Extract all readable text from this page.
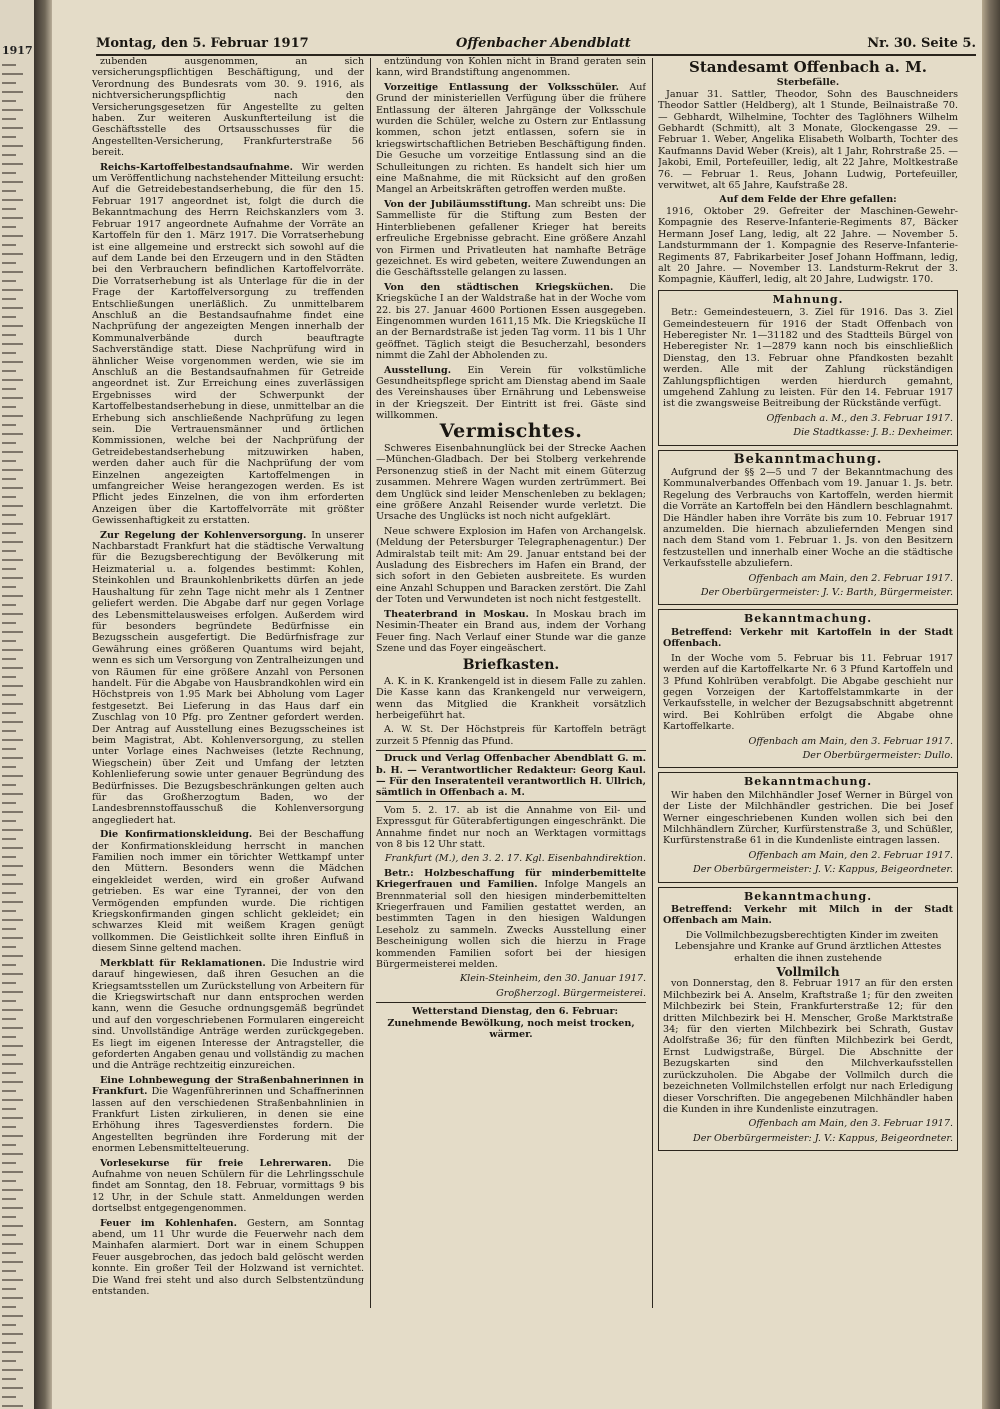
1917	Montag, den 5. Februar 1917	Offenbacher Abendblatt	Nr. 30. Seite 5.

zubenden ausgenommen, an sich versicherungspflichtigen Beschäftigung, und der Verordnung des Bundesrats vom 30. 9. 1916, als nichtversicherungspflichtig nach den Versicherungsgesetzen für Angestellte zu gelten haben. Zur weiteren Auskunfterteilung ist die Geschäftsstelle des Ortsausschusses für die Angestellten-Versicherung, Frankfurterstraße 56 bereit.

Reichs-Kartoffelbestandsaufnahme. Wir werden um Veröffentlichung nachstehender Mitteilung ersucht: Auf die Getreidebestandserhebung, die für den 15. Februar 1917 angeordnet ist, folgt die durch die Bekanntmachung des Herrn Reichskanzlers vom 3. Februar 1917 angeordnete Aufnahme der Vorräte an Kartoffeln für den 1. März 1917. Die Vorratserhebung ist eine allgemeine und erstreckt sich sowohl auf die auf dem Lande bei den Erzeugern und in den Städten bei den Verbrauchern befindlichen Kartoffelvorräte. Die Vorratserhebung ist als Unterlage für die in der Frage der Kartoffelversorgung zu treffenden Entschließungen unerläßlich. Zu unmittelbarem Anschluß an die Bestandsaufnahme findet eine Nachprüfung der angezeigten Mengen innerhalb der Kommunalverbände durch beauftragte Sachverständige statt. Diese Nachprüfung wird in ähnlicher Weise vorgenommen werden, wie sie im Anschluß an die Bestandsaufnahmen für Getreide angeordnet ist. Zur Erreichung eines zuverlässigen Ergebnisses wird der Schwerpunkt der Kartoffelbestandserhebung in diese, unmittelbar an die Erhebung sich anschließende Nachprüfung zu legen sein. Die Vertrauensmänner und örtlichen Kommissionen, welche bei der Nachprüfung der Getreidebestandserhebung mitzuwirken haben, werden daher auch für die Nachprüfung der vom Einzelnen angezeigten Kartoffelmengen in umfangreicher Weise herangezogen werden. Es ist Pflicht jedes Einzelnen, die von ihm erforderten Anzeigen über die Kartoffelvorräte mit größter Gewissenhaftigkeit zu erstatten.

Zur Regelung der Kohlenversorgung. In unserer Nachbarstadt Frankfurt hat die städtische Verwaltung für die Bezugsberechtigung der Bevölkerung mit Heizmaterial u. a. folgendes bestimmt: Kohlen, Steinkohlen und Braunkohlenbriketts dürfen an jede Haushaltung für zehn Tage nicht mehr als 1 Zentner geliefert werden. Die Abgabe darf nur gegen Vorlage des Lebensmittelausweises erfolgen. Außerdem wird für besonders begründete Bedürfnisse ein Bezugsschein ausgefertigt. Die Bedürfnisfrage zur Gewährung eines größeren Quantums wird bejaht, wenn es sich um Versorgung von Zentralheizungen und von Räumen für eine größere Anzahl von Personen handelt. Für die Abgabe von Hausbrandkohlen wird ein Höchstpreis von 1.95 Mark bei Abholung vom Lager festgesetzt. Bei Lieferung in das Haus darf ein Zuschlag von 10 Pfg. pro Zentner gefordert werden. Der Antrag auf Ausstellung eines Bezugsscheines ist beim Magistrat, Abt. Kohlenversorgung, zu stellen unter Vorlage eines Nachweises (letzte Rechnung, Wiegschein) über Zeit und Umfang der letzten Kohlenlieferung sowie unter genauer Begründung des Bedürfnisses. Die Bezugsbeschränkungen gelten auch für das Großherzogtum Baden, wo der Landesbrennstoffausschuß die Kohlenversorgung angegliedert hat.

Die Konfirmationskleidung. Bei der Beschaffung der Konfirmationskleidung herrscht in manchen Familien noch immer ein törichter Wettkampf unter den Müttern. Besonders wenn die Mädchen eingekleidet werden, wird ein großer Aufwand getrieben. Es war eine Tyrannei, der von den Vermögenden empfunden wurde. Die richtigen Kriegskonfirmanden gingen schlicht gekleidet; ein schwarzes Kleid mit weißem Kragen genügt vollkommen. Die Geistlichkeit sollte ihren Einfluß in diesem Sinne geltend machen.

Merkblatt für Reklamationen. Die Industrie wird darauf hingewiesen, daß ihren Gesuchen an die Kriegsamtsstellen um Zurückstellung von Arbeitern für die Kriegswirtschaft nur dann entsprochen werden kann, wenn die Gesuche ordnungsgemäß begründet und auf den vorgeschriebenen Formularen eingereicht sind. Unvollständige Anträge werden zurückgegeben. Es liegt im eigenen Interesse der Antragsteller, die geforderten Angaben genau und vollständig zu machen und die Anträge rechtzeitig einzureichen.

Eine Lohnbewegung der Straßenbahnerinnen in Frankfurt. Die Wagenführerinnen und Schaffnerinnen lassen auf den verschiedenen Straßenbahnlinien in Frankfurt Listen zirkulieren, in denen sie eine Erhöhung ihres Tagesverdienstes fordern. Die Angestellten begründen ihre Forderung mit der enormen Lebensmittelteuerung.

Vorlesekurse für freie Lehrerwaren. Die Aufnahme von neuen Schülern für die Lehrlingsschule findet am Sonntag, den 18. Februar, vormittags 9 bis 12 Uhr, in der Schule statt. Anmeldungen werden dortselbst entgegengenommen.

Feuer im Kohlenhafen. Gestern, am Sonntag abend, um 11 Uhr wurde die Feuerwehr nach dem Mainhafen alarmiert. Dort war in einem Schuppen Feuer ausgebrochen, das jedoch bald gelöscht werden konnte. Ein großer Teil der Holzwand ist vernichtet. Die Wand frei steht und also durch Selbstentzündung entstanden.

entzündung von Kohlen nicht in Brand geraten sein kann, wird Brandstiftung angenommen.

Vorzeitige Entlassung der Volksschüler. Auf Grund der ministeriellen Verfügung über die frühere Entlassung der älteren Jahrgänge der Volksschule wurden die Schüler, welche zu Ostern zur Entlassung kommen, schon jetzt entlassen, sofern sie in kriegswirtschaftlichen Betrieben Beschäftigung finden. Die Gesuche um vorzeitige Entlassung sind an die Schulleitungen zu richten. Es handelt sich hier um eine Maßnahme, die mit Rücksicht auf den großen Mangel an Arbeitskräften getroffen werden mußte.

Von der Jubiläumsstiftung. Man schreibt uns: Die Sammelliste für die Stiftung zum Besten der Hinterbliebenen gefallener Krieger hat bereits erfreuliche Ergebnisse gebracht. Eine größere Anzahl von Firmen und Privatleuten hat namhafte Beträge gezeichnet. Es wird gebeten, weitere Zuwendungen an die Geschäftsstelle gelangen zu lassen.

Von den städtischen Kriegsküchen. Die Kriegsküche I an der Waldstraße hat in der Woche vom 22. bis 27. Januar 4600 Portionen Essen ausgegeben. Eingenommen wurden 1611,15 Mk. Die Kriegsküche II an der Bernardstraße ist jeden Tag vorm. 11 bis 1 Uhr geöffnet. Täglich steigt die Besucherzahl, besonders nimmt die Zahl der Abholenden zu.

Ausstellung. Ein Verein für volkstümliche Gesundheitspflege spricht am Dienstag abend im Saale des Vereinshauses über Ernährung und Lebensweise in der Kriegszeit. Der Eintritt ist frei. Gäste sind willkommen.

Vermischtes.

Schweres Eisenbahnunglück bei der Strecke Aachen—München-Gladbach. Der bei Stolberg verkehrende Personenzug stieß in der Nacht mit einem Güterzug zusammen. Mehrere Wagen wurden zertrümmert. Bei dem Unglück sind leider Menschenleben zu beklagen; eine größere Anzahl Reisender wurde verletzt. Die Ursache des Unglücks ist noch nicht aufgeklärt.

Neue schwere Explosion im Hafen von Archangelsk. (Meldung der Petersburger Telegraphenagentur.) Der Admiralstab teilt mit: Am 29. Januar entstand bei der Ausladung des Eisbrechers im Hafen ein Brand, der sich sofort in den Gebieten ausbreitete. Es wurden eine Anzahl Schuppen und Baracken zerstört. Die Zahl der Toten und Verwundeten ist noch nicht festgestellt.

Theaterbrand in Moskau. In Moskau brach im Nesimin-Theater ein Brand aus, indem der Vorhang Feuer fing. Nach Verlauf einer Stunde war die ganze Szene und das Foyer eingeäschert.

Briefkasten.

A. K. in K. Krankengeld ist in diesem Falle zu zahlen. Die Kasse kann das Krankengeld nur verweigern, wenn das Mitglied die Krankheit vorsätzlich herbeigeführt hat.

A. W. St. Der Höchstpreis für Kartoffeln beträgt zurzeit 5 Pfennig das Pfund.

Druck und Verlag Offenbacher Abendblatt G. m. b. H. — Verantwortlicher Redakteur: Georg Kaul. — Für den Inseratenteil verantwortlich H. Ullrich, sämtlich in Offenbach a. M.

Vom 5. 2. 17. ab ist die Annahme von Eil- und Expressgut für Güterabfertigungen eingeschränkt. Die Annahme findet nur noch an Werktagen vormittags von 8 bis 12 Uhr statt.

Frankfurt (M.), den 3. 2. 17. Kgl. Eisenbahndirektion.

Betr.: Holzbeschaffung für minderbemittelte Kriegerfrauen und Familien. Infolge Mangels an Brennmaterial soll den hiesigen minderbemittelten Kriegerfrauen und Familien gestattet werden, an bestimmten Tagen in den hiesigen Waldungen Leseholz zu sammeln. Zwecks Ausstellung einer Bescheinigung wollen sich die hierzu in Frage kommenden Familien sofort bei der hiesigen Bürgermeisterei melden.

Klein-Steinheim, den 30. Januar 1917.

Großherzogl. Bürgermeisterei.

Wetterstand Dienstag, den 6. Februar: Zunehmende Bewölkung, noch meist trocken, wärmer.

Standesamt Offenbach a. M.
Sterbefälle.

Januar 31. Sattler, Theodor, Sohn des Bauschneiders Theodor Sattler (Heldberg), alt 1 Stunde, Beilnaistraße 70. — Gebhardt, Wilhelmine, Tochter des Taglöhners Wilhelm Gebhardt (Schmitt), alt 3 Monate, Glockengasse 29. — Februar 1. Weber, Angelika Elisabeth Wolbarth, Tochter des Kaufmanns David Weber (Kreis), alt 1 Jahr, Rohrstraße 25. — Jakobi, Emil, Portefeuiller, ledig, alt 22 Jahre, Moltkestraße 76. — Februar 1. Reus, Johann Ludwig, Portefeuiller, verwitwet, alt 65 Jahre, Kaufstraße 28.

Auf dem Felde der Ehre gefallen:

1916, Oktober 29. Gefreiter der Maschinen-Gewehr-Kompagnie des Reserve-Infanterie-Regiments 87, Bäcker Hermann Josef Lang, ledig, alt 22 Jahre. — November 5. Landsturmmann der 1. Kompagnie des Reserve-Infanterie-Regiments 87, Fabrikarbeiter Josef Johann Hoffmann, ledig, alt 20 Jahre. — November 13. Landsturm-Rekrut der 3. Kompagnie, Käufferl, ledig, alt 20 Jahre, Ludwigstr. 170.

Mahnung.

Betr.: Gemeindesteuern, 3. Ziel für 1916. Das 3. Ziel Gemeindesteuern für 1916 der Stadt Offenbach von Heberegister Nr. 1—31182 und des Stadtteils Bürgel von Heberegister Nr. 1—2879 kann noch bis einschließlich Dienstag, den 13. Februar ohne Pfandkosten bezahlt werden. Alle mit der Zahlung rückständigen Zahlungspflichtigen werden hierdurch gemahnt, umgehend Zahlung zu leisten. Für den 14. Februar 1917 ist die zwangsweise Beitreibung der Rückstände verfügt.

Offenbach a. M., den 3. Februar 1917.

Die Stadtkasse: J. B.: Dexheimer.

Bekanntmachung.

Aufgrund der §§ 2—5 und 7 der Bekanntmachung des Kommunalverbandes Offenbach vom 19. Januar 1. Js. betr. Regelung des Verbrauchs von Kartoffeln, werden hiermit die Vorräte an Kartoffeln bei den Händlern beschlagnahmt. Die Händler haben ihre Vorräte bis zum 10. Februar 1917 anzumelden. Die hiernach abzuliefernden Mengen sind nach dem Stand vom 1. Februar 1. Js. von den Besitzern festzustellen und innerhalb einer Woche an die städtische Verkaufsstelle abzuliefern.

Offenbach am Main, den 2. Februar 1917.

Der Oberbürgermeister: J. V.: Barth, Bürgermeister.

Bekanntmachung.

Betreffend: Verkehr mit Kartoffeln in der Stadt Offenbach.

In der Woche vom 5. Februar bis 11. Februar 1917 werden auf die Kartoffelkarte Nr. 6 3 Pfund Kartoffeln und 3 Pfund Kohlrüben verabfolgt. Die Abgabe geschieht nur gegen Vorzeigen der Kartoffelstammkarte in der Verkaufsstelle, in welcher der Bezugsabschnitt abgetrennt wird. Bei Kohlrüben erfolgt die Abgabe ohne Kartoffelkarte.

Offenbach am Main, den 3. Februar 1917.

Der Oberbürgermeister: Dullo.

Bekanntmachung.

Wir haben den Milchhändler Josef Werner in Bürgel von der Liste der Milchhändler gestrichen. Die bei Josef Werner eingeschriebenen Kunden wollen sich bei den Milchhändlern Zürcher, Kurfürstenstraße 3, und Schüßler, Kurfürstenstraße 61 in die Kundenliste eintragen lassen.

Offenbach am Main, den 2. Februar 1917.

Der Oberbürgermeister: J. V.: Kappus, Beigeordneter.

Bekanntmachung.

Betreffend: Verkehr mit Milch in der Stadt Offenbach am Main.

Die Vollmilchbezugsberechtigten Kinder im zweiten Lebensjahre und Kranke auf Grund ärztlichen Attestes erhalten die ihnen zustehende

Vollmilch

von Donnerstag, den 8. Februar 1917 an für den ersten Milchbezirk bei A. Anselm, Kraftstraße 1; für den zweiten Milchbezirk bei Stein, Frankfurterstraße 12; für den dritten Milchbezirk bei H. Menscher, Große Marktstraße 34; für den vierten Milchbezirk bei Schrath, Gustav Adolfstraße 36; für den fünften Milchbezirk bei Gerdt, Ernst Ludwigstraße, Bürgel. Die Abschnitte der Bezugskarten sind den Milchverkaufsstellen zurückzuholen. Die Abgabe der Vollmilch durch die bezeichneten Vollmilchstellen erfolgt nur nach Erledigung dieser Vorschriften. Die angegebenen Milchhändler haben die Kunden in ihre Kundenliste einzutragen.

Offenbach am Main, den 3. Februar 1917.

Der Oberbürgermeister: J. V.: Kappus, Beigeordneter.
